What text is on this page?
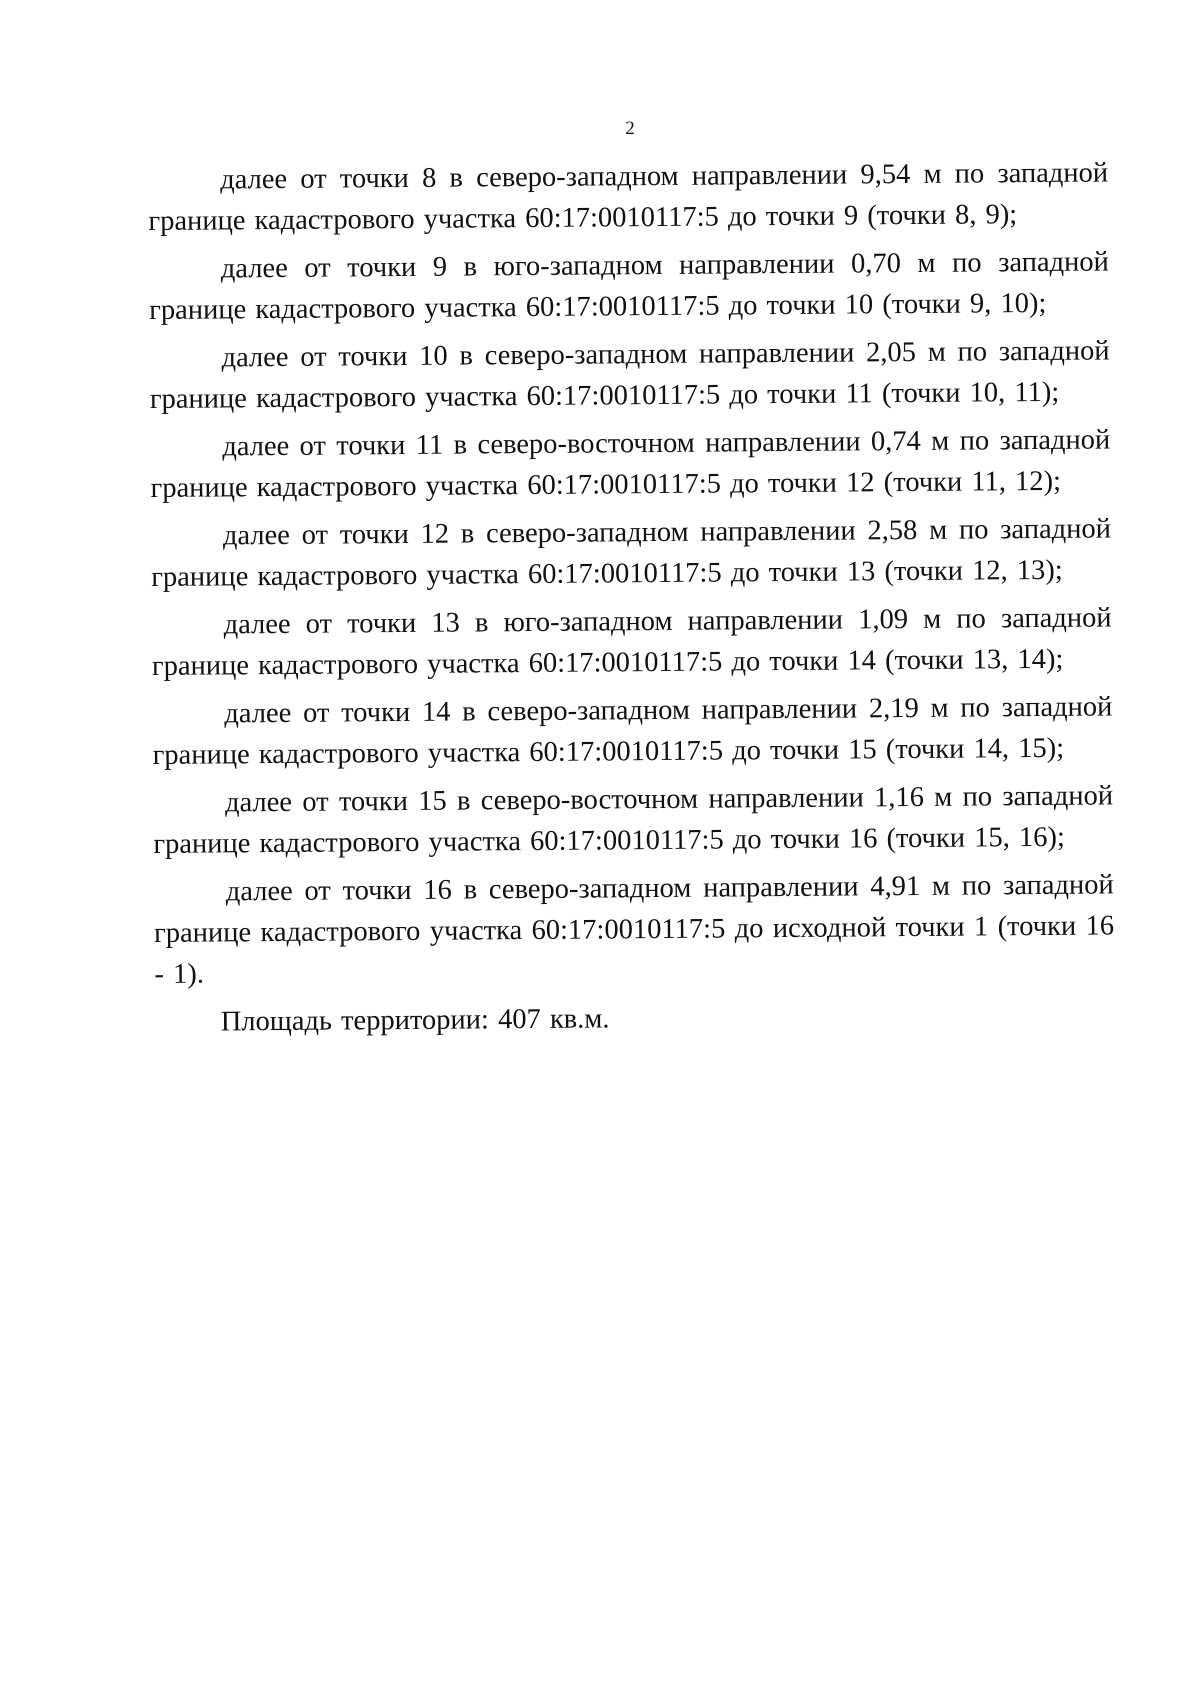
2

далее от точки 8 в северо-западном направлении 9,54 м по западной границе кадастрового участка 60:17:0010117:5 до точки 9 (точки 8, 9);

далее от точки 9 в юго-западном направлении 0,70 м по западной границе кадастрового участка 60:17:0010117:5 до точки 10 (точки 9, 10);

далее от точки 10 в северо-западном направлении 2,05 м по западной границе кадастрового участка 60:17:0010117:5 до точки 11 (точки 10, 11);

далее от точки 11 в северо-восточном направлении 0,74 м по западной границе кадастрового участка 60:17:0010117:5 до точки 12 (точки 11, 12);

далее от точки 12 в северо-западном направлении 2,58 м по западной границе кадастрового участка 60:17:0010117:5 до точки 13 (точки 12, 13);

далее от точки 13 в юго-западном направлении 1,09 м по западной границе кадастрового участка 60:17:0010117:5 до точки 14 (точки 13, 14);

далее от точки 14 в северо-западном направлении 2,19 м по западной границе кадастрового участка 60:17:0010117:5 до точки 15 (точки 14, 15);

далее от точки 15 в северо-восточном направлении 1,16 м по западной границе кадастрового участка 60:17:0010117:5 до точки 16 (точки 15, 16);

далее от точки 16 в северо-западном направлении 4,91 м по западной границе кадастрового участка 60:17:0010117:5 до исходной точки 1 (точки 16 - 1).

Площадь территории: 407 кв.м.
